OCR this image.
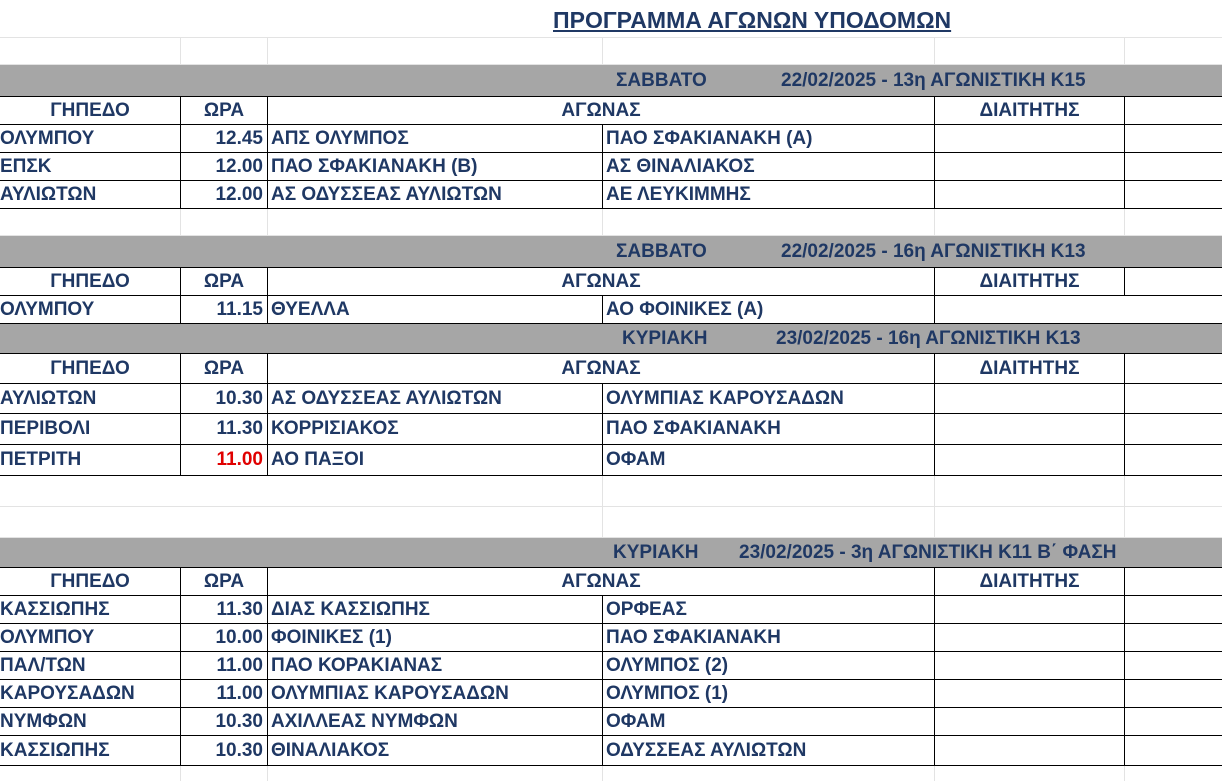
ΠΡΟΓΡΑΜΜΑ ΑΓΩΝΩΝ ΥΠΟΔΟΜΩΝ
ΣΑΒΒΑΤΟ	22/02/2025 - 13η ΑΓΩΝΙΣΤΙΚΗ Κ15
ΓΗΠΕΔΟ	ΩΡΑ	ΑΓΩΝΑΣ	ΔΙΑΙΤΗΤΗΣ
ΟΛΥΜΠΟΥ	12.45 ΑΠΣ ΟΛΥΜΠΟΣ	ΠΑΟ ΣΦΑΚΙΑΝΑΚΗ (Α)
ΕΠΣΚ	12.00 ΠΑΟ ΣΦΑΚΙΑΝΑΚΗ (Β)	ΑΣ ΘΙΝΑΛΙΑΚΟΣ
ΑΥΛΙΩΤΩΝ	12.00 ΑΣ ΟΔΥΣΣΕΑΣ ΑΥΛΙΩΤΩΝ	ΑΕ ΛΕΥΚΙΜΜΗΣ
ΣΑΒΒΑΤΟ	22/02/2025 - 16η ΑΓΩΝΙΣΤΙΚΗ Κ13
ΓΗΠΕΔΟ	ΩΡΑ	ΑΓΩΝΑΣ	ΔΙΑΙΤΗΤΗΣ
ΟΛΥΜΠΟΥ	11.15 ΘΥΕΛΛΑ	ΑΟ ΦΟΙΝΙΚΕΣ (Α)
ΚΥΡΙΑΚΗ	23/02/2025 - 16η ΑΓΩΝΙΣΤΙΚΗ Κ13
ΓΗΠΕΔΟ	ΩΡΑ	ΑΓΩΝΑΣ	ΔΙΑΙΤΗΤΗΣ
ΑΥΛΙΩΤΩΝ	10.30 ΑΣ ΟΔΥΣΣΕΑΣ ΑΥΛΙΩΤΩΝ	ΟΛΥΜΠΙΑΣ ΚΑΡΟΥΣΑΔΩΝ
ΠΕΡΙΒΟΛΙ	11.30 ΚΟΡΡΙΣΙΑΚΟΣ	ΠΑΟ ΣΦΑΚΙΑΝΑΚΗ
ΠΕΤΡΙΤΗ	11.00 ΑΟ ΠΑΞΟΙ	ΟΦΑΜ
ΚΥΡΙΑΚΗ 23/02/2025 - 3η ΑΓΩΝΙΣΤΙΚΗ Κ11 Β΄ ΦΑΣΗ
ΓΗΠΕΔΟ	ΩΡΑ	ΑΓΩΝΑΣ	ΔΙΑΙΤΗΤΗΣ
ΚΑΣΣΙΩΠΗΣ	11.30 ΔΙΑΣ ΚΑΣΣΙΩΠΗΣ	ΟΡΦΕΑΣ
ΟΛΥΜΠΟΥ	10.00 ΦΟΙΝΙΚΕΣ (1)	ΠΑΟ ΣΦΑΚΙΑΝΑΚΗ
ΠΑΛ/ΤΩΝ	11.00 ΠΑΟ ΚΟΡΑΚΙΑΝΑΣ	ΟΛΥΜΠΟΣ (2)
ΚΑΡΟΥΣΑΔΩΝ	11.00 ΟΛΥΜΠΙΑΣ ΚΑΡΟΥΣΑΔΩΝ	ΟΛΥΜΠΟΣ (1)
ΝΥΜΦΩΝ	10.30 ΑΧΙΛΛΕΑΣ ΝΥΜΦΩΝ	ΟΦΑΜ
ΚΑΣΣΙΩΠΗΣ	10.30 ΘΙΝΑΛΙΑΚΟΣ	ΟΔΥΣΣΕΑΣ ΑΥΛΙΩΤΩΝ
